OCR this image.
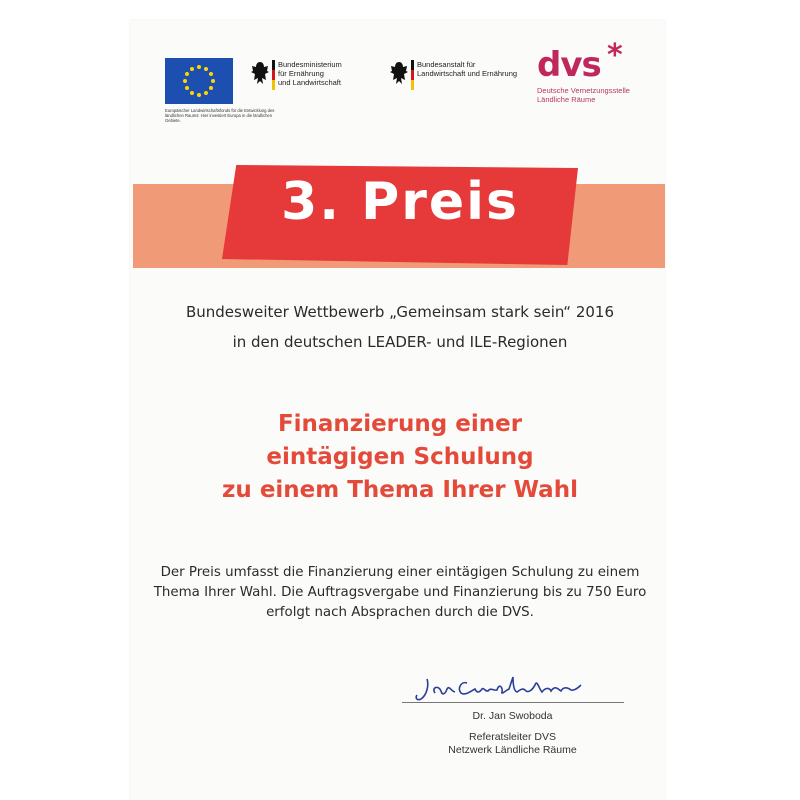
Europäischer Landwirtschaftsfonds für die Entwicklung des ländlichen Raums: Hier investiert Europa in die ländlichen Gebiete.
Bundesministerium
für Ernährung
und Landwirtschaft
Bundesanstalt für
Landwirtschaft und Ernährung dvs *
Deutsche Vernetzungsstelle
Ländliche Räume
3. Preis
Bundesweiter Wettbewerb „Gemeinsam stark sein“ 2016
in den deutschen LEADER- und ILE-Regionen
Finanzierung einer
eintägigen Schulung
zu einem Thema Ihrer Wahl
Der Preis umfasst die Finanzierung einer eintägigen Schulung zu einem
Thema Ihrer Wahl. Die Auftragsvergabe und Finanzierung bis zu 750 Euro
erfolgt nach Absprachen durch die DVS.
Dr. Jan Swoboda
Referatsleiter DVS
Netzwerk Ländliche Räume
